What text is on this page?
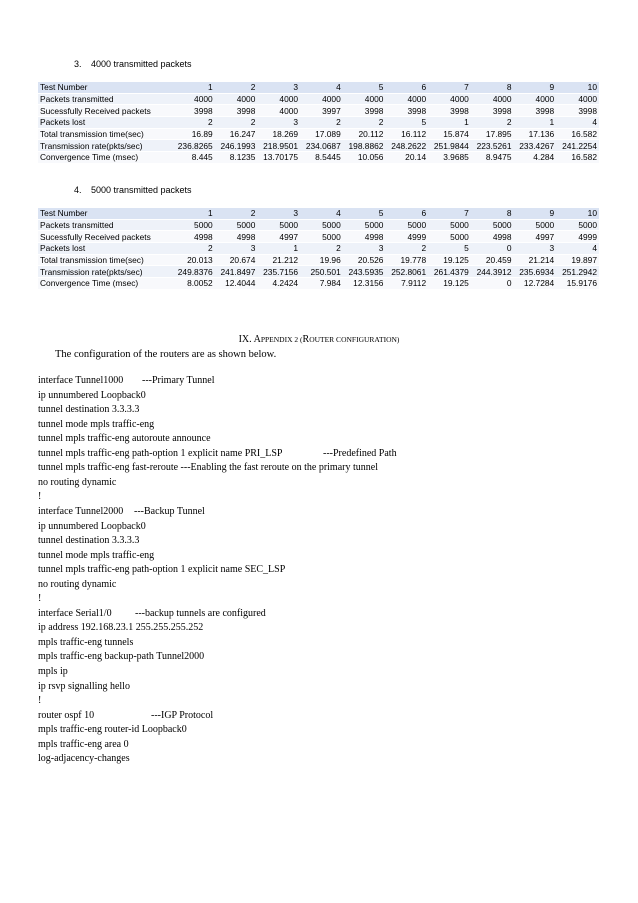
3. 4000 transmitted packets
Test Number	1	2	3	4	5	6	7	8	9	10
Packets transmitted	4000	4000	4000	4000	4000	4000	4000	4000	4000	4000
Sucessfully Received packets	3998	3998	4000	3997	3998	3998	3998	3998	3998	3998
Packets lost	2	2	3	2	2	5	1	2	1	4
Total transmission time(sec)	16.89	16.247	18.269	17.089	20.112	16.112	15.874	17.895	17.136	16.582
Transmission rate(pkts/sec)	236.8265	246.1993	218.9501	234.0687	198.8862	248.2622	251.9844	223.5261	233.4267	241.2254
Convergence Time (msec)	8.445	8.1235	13.70175	8.5445	10.056	20.14	3.9685	8.9475	4.284	16.582
4. 5000 transmitted packets
Test Number	1	2	3	4	5	6	7	8	9	10
Packets transmitted	5000	5000	5000	5000	5000	5000	5000	5000	5000	5000
Sucessfully Received packets	4998	4998	4997	5000	4998	4999	5000	4998	4997	4999
Packets lost	2	3	1	2	3	2	5	0	3	4
Total transmission time(sec)	20.013	20.674	21.212	19.96	20.526	19.778	19.125	20.459	21.214	19.897
Transmission rate(pkts/sec)	249.8376	241.8497	235.7156	250.501	243.5935	252.8061	261.4379	244.3912	235.6934	251.2942
Convergence Time (msec)	8.0052	12.4044	4.2424	7.984	12.3156	7.9112	19.125	0	12.7284	15.9176
IX. APPENDIX 2 (ROUTER CONFIGURATION)
The configuration of the routers are as shown below.
interface Tunnel1000 ---Primary Tunnel
ip unnumbered Loopback0
tunnel destination 3.3.3.3
tunnel mode mpls traffic-eng
tunnel mpls traffic-eng autoroute announce
tunnel mpls traffic-eng path-option 1 explicit name PRI_LSP	---Predefined Path
tunnel mpls traffic-eng fast-reroute ---Enabling the fast reroute on the primary tunnel
no routing dynamic
!
interface Tunnel2000 ---Backup Tunnel
ip unnumbered Loopback0
tunnel destination 3.3.3.3
tunnel mode mpls traffic-eng
tunnel mpls traffic-eng path-option 1 explicit name SEC_LSP
no routing dynamic
!
interface Serial1/0 ---backup tunnels are configured
ip address 192.168.23.1 255.255.255.252
mpls traffic-eng tunnels
mpls traffic-eng backup-path Tunnel2000
mpls ip
ip rsvp signalling hello
!
router ospf 10	---IGP Protocol
mpls traffic-eng router-id Loopback0
mpls traffic-eng area 0
log-adjacency-changes
